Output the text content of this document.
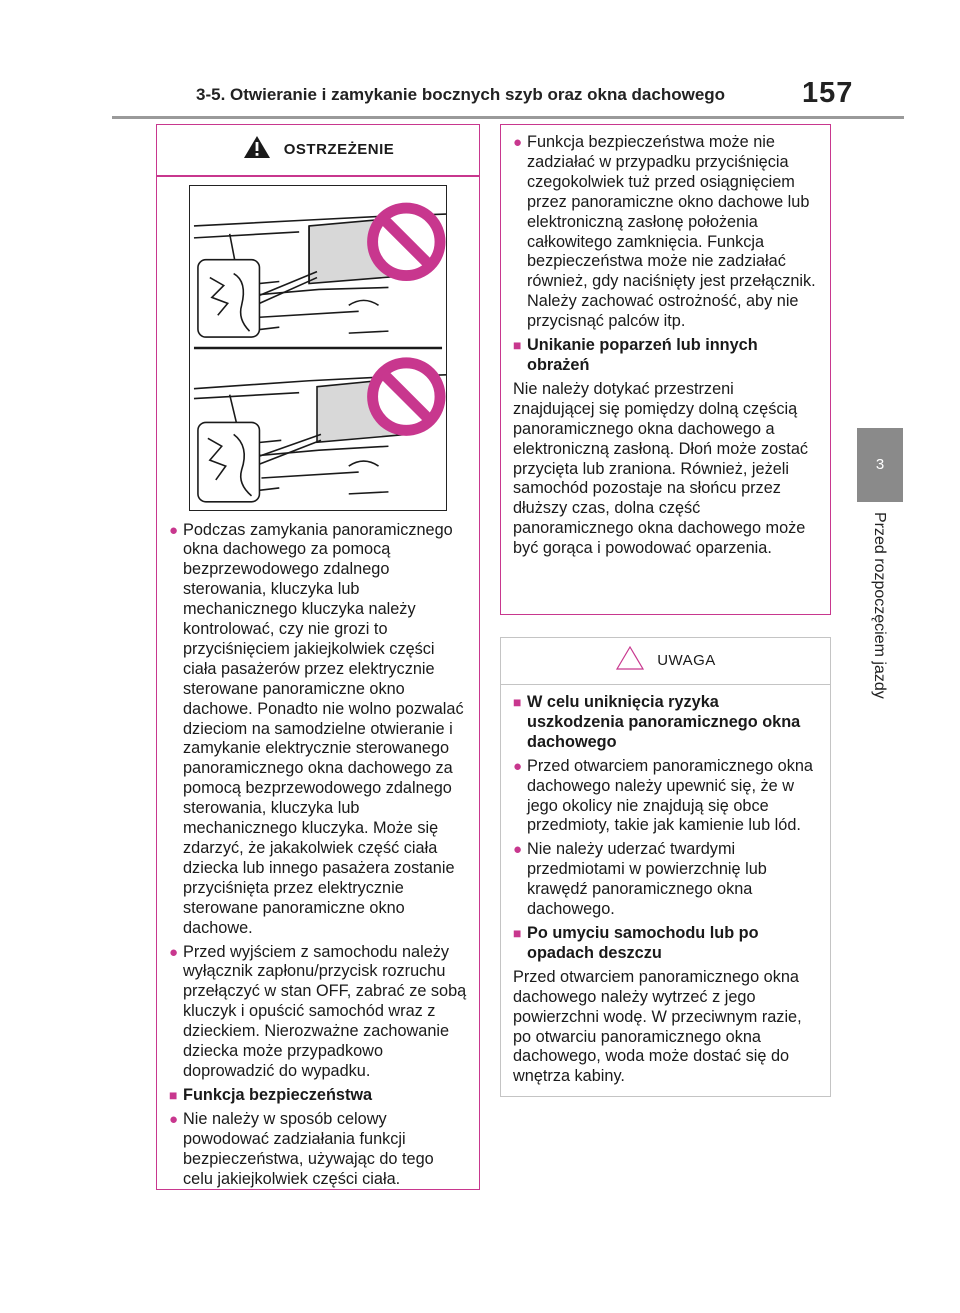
3-5. Otwieranie i zamykanie bocznych szyb oraz okna dachowego	157
3
Przed rozpoczęciem jazdy
OSTRZEŻENIE
● Podczas zamykania panoramicznego okna dachowego za pomocą bezprzewodowego zdalnego sterowania, kluczyka lub mechanicznego kluczyka należy kontrolować, czy nie grozi to przyciśnięciem jakiejkolwiek części ciała pasażerów przez elektrycznie sterowane panoramiczne okno dachowe. Ponadto nie wolno pozwalać dzieciom na samodzielne otwieranie i zamykanie elektrycznie sterowanego panoramicznego okna dachowego za pomocą bezprzewodowego zdalnego sterowania, kluczyka lub mechanicznego kluczyka. Może się zdarzyć, że jakakolwiek część ciała dziecka lub innego pasażera zostanie przyciśnięta przez elektrycznie sterowane panoramiczne okno dachowe.
● Przed wyjściem z samochodu należy wyłącznik zapłonu/przycisk rozruchu przełączyć w stan OFF, zabrać ze sobą kluczyk i opuścić samochód wraz z dzieckiem. Nierozważne zachowanie dziecka może przypadkowo doprowadzić do wypadku.
■ Funkcja bezpieczeństwa
● Nie należy w sposób celowy powodować zadziałania funkcji bezpieczeństwa, używając do tego celu jakiejkolwiek części ciała.
● Funkcja bezpieczeństwa może nie zadziałać w przypadku przyciśnięcia czegokolwiek tuż przed osiągnięciem przez panoramiczne okno dachowe lub elektroniczną zasłonę położenia całkowitego zamknięcia. Funkcja bezpieczeństwa może nie zadziałać również, gdy naciśnięty jest przełącznik. Należy zachować ostrożność, aby nie przycisnąć palców itp.
■ Unikanie poparzeń lub innych obrażeń
Nie należy dotykać przestrzeni znajdującej się pomiędzy dolną częścią panoramicznego okna dachowego a elektroniczną zasłoną. Dłoń może zostać przycięta lub zraniona. Również, jeżeli samochód pozostaje na słońcu przez dłuższy czas, dolna część panoramicznego okna dachowego może być gorąca i powodować oparzenia.
UWAGA
■ W celu uniknięcia ryzyka uszkodzenia panoramicznego okna dachowego
● Przed otwarciem panoramicznego okna dachowego należy upewnić się, że w jego okolicy nie znajdują się obce przedmioty, takie jak kamienie lub lód.
● Nie należy uderzać twardymi przedmiotami w powierzchnię lub krawędź panoramicznego okna dachowego.
■ Po umyciu samochodu lub po opadach deszczu
Przed otwarciem panoramicznego okna dachowego należy wytrzeć z jego powierzchni wodę. W przeciwnym razie, po otwarciu panoramicznego okna dachowego, woda może dostać się do wnętrza kabiny.
